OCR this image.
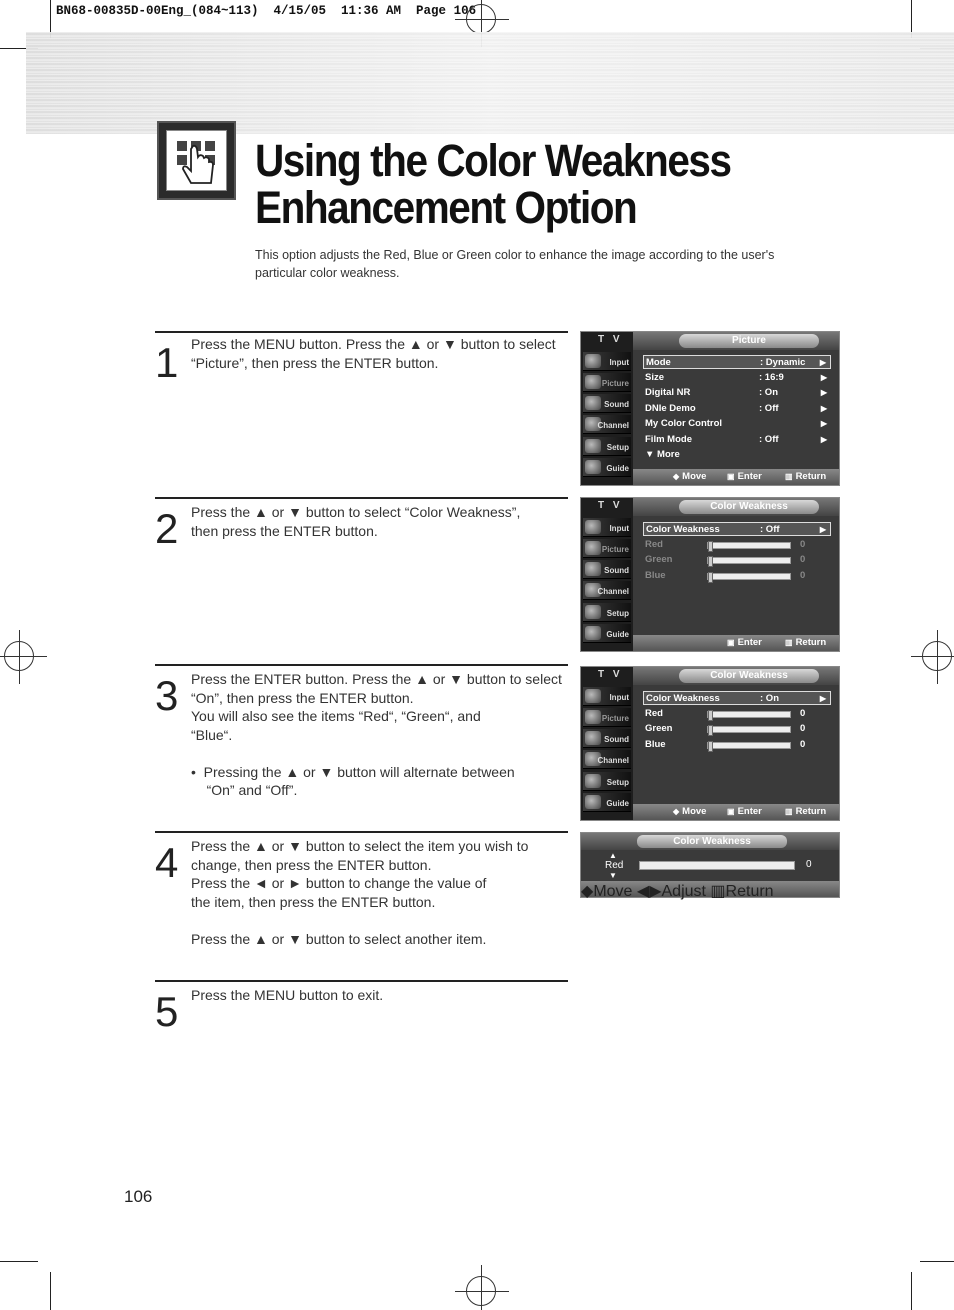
BN68-00835D-00Eng_(084~113)  4/15/05  11:36 AM  Page 106
Using the Color Weakness
Enhancement Option
This option adjusts the Red, Blue or Green color to enhance the image according to the user's particular color weakness.
1 Press the MENU button. Press the ▲ or ▼ button to select
“Picture”, then press the ENTER button.
2 Press the ▲ or ▼ button to select “Color Weakness”,
then press the ENTER button.
3 Press the ENTER button. Press the ▲ or ▼ button to select
“On”, then press the ENTER button.
You will also see the items “Red“, “Green“, and
“Blue“.

•  Pressing the ▲ or ▼ button will alternate between
“On” and “Off”.
4 Press the ▲ or ▼ button to select the item you wish to
change, then press the ENTER button.
Press the ◄ or ► button to change the value of
the item, then press the ENTER button.

Press the ▲ or ▼ button to select another item.
5 Press the MENU button to exit.
T V	Picture
Input
Picture
Sound
Channel
Setup
Guide
Mode	: Dynamic ▶
Size	: 16:9	▶
Digital NR	: On	▶
DNIe Demo	: Off	▶
My Color Control	▶
Film Mode	: Off	▶
▼ More
◆ Move	▣ Enter	▥ Return
T V	Color Weakness
Input
Picture
Sound
Channel
Setup
Guide
Color Weakness	: Off	▶
Red	0
Green	0
Blue	0
▣ Enter	▥ Return
T V	Color Weakness
Input
Picture
Sound
Channel
Setup
Guide
Color Weakness	: On	▶
Red	0
Green	0
Blue	0
◆ Move	▣ Enter	▥ Return
Color Weakness
▲
Red
▼
0
◆Move ◀▶Adjust ▥Return
106
